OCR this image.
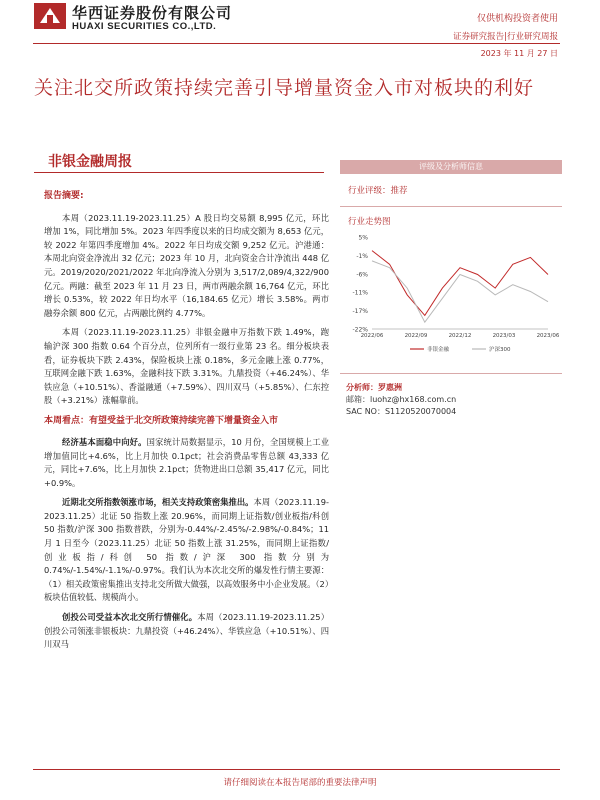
华西证券股份有限公司
HUAXI SECURITIES CO.,LTD.
仅供机构投资者使用
证券研究报告|行业研究周报
2023 年 11 月 27 日
关注北交所政策持续完善引导增量资金入市对板块的利好
非银金融周报
报告摘要:

本周（2023.11.19-2023.11.25）A 股日均交易额 8,995 亿元，环比增加 1%，同比增加 5%。2023 年四季度以来的日均成交额为 8,653 亿元，较 2022 年第四季度增加 4%。2022 年日均成交额 9,252 亿元。沪港通：本周北向资金净流出 32 亿元；2023 年 10 月，北向资金合计净流出 448 亿元。2019/2020/2021/2022 年北向净流入分别为 3,517/2,089/4,322/900 亿元。两融：截至 2023 年 11 月 23 日，两市两融余额 16,764 亿元，环比增长 0.53%，较 2022 年日均水平（16,184.65 亿元）增长 3.58%。两市融券余额 800 亿元，占两融比例约 4.77%。

本周（2023.11.19-2023.11.25）非银金融申万指数下跌 1.49%，跑输沪深 300 指数 0.64 个百分点，位列所有一级行业第 23 名。细分板块表看，证券板块下跌 2.43%，保险板块上涨 0.18%，多元金融上涨 0.77%，互联网金融下跌 1.63%，金融科技下跌 3.31%。九鼎投资（+46.24%）、华铁应急（+10.51%）、香溢融通（+7.59%）、四川双马（+5.85%）、仁东控股（+3.21%）涨幅靠前。

本周看点：有望受益于北交所政策持续完善下增量资金入市

经济基本面稳中向好。国家统计局数据显示，10 月份，全国规模上工业增加值同比+4.6%，比上月加快 0.1pct；社会消费品零售总额 43,333 亿元，同比+7.6%，比上月加快 2.1pct；货物进出口总额 35,417 亿元，同比+0.9%。

近期北交所指数领涨市场，相关支持政策密集推出。本周（2023.11.19-2023.11.25）北证 50 指数上涨 20.96%，而同期上证指数/创业板指/科创 50 指数/沪深 300 指数普跌，分别为-0.44%/-2.45%/-2.98%/-0.84%；11 月 1 日至今（2023.11.25）北证 50 指数上涨 31.25%，而同期上证指数/创业板指/科创 50 指数/沪深 300 指数分别为 0.74%/-1.54%/-1.1%/-0.97%。我们认为本次北交所的爆发性行情主要源：（1）相关政策密集推出支持北交所做大做强，以高效服务中小企业发展。（2）板块估值较低、规模尚小。

创投公司受益本次北交所行情催化。本周（2023.11.19-2023.11.25）创投公司领涨非银板块：九鼎投资（+46.24%）、华铁应急（+10.51%）、四川双马

评级及分析师信息
行业评级：推荐
行业走势图
5%
-1%
-6%
-11%
-17%
-22%
2022/06	2022/09	2022/12	2023/03	2023/06
非银金融	沪深300
分析师：罗惠洲
邮箱：luohz@hx168.com.cn
SAC NO：S1120520070004
请仔细阅读在本报告尾部的重要法律声明
